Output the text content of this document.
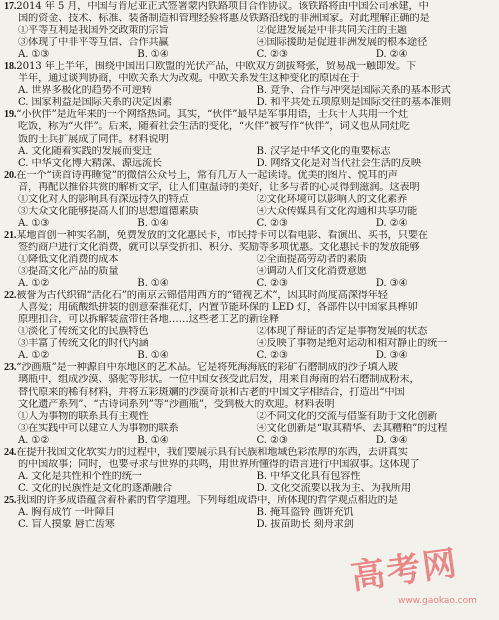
17.2014 年 5 月，中国与肯尼亚正式签署蒙内铁路项目合作协议。该铁路将由中国公司承建，中
国的资金、技术、标准、装备制造和管理经验将惠及铁路沿线的非洲国家。对此理解正确的是
①平等互利是我国外交政策的宗旨	②促进发展是中非共同关注的主题
③体现了中非平等互信、合作共赢	④国际援助是促进非洲发展的根本途径
A. ①③	B. ①④	C. ②③	D. ②④
18.2013 年上半年，围绕中国出口欧盟的光伏产品，中欧双方剑拔弩张，贸易战一触即发。下
半年，通过谈判协商，中欧关系大为改观。中欧关系发生这种变化的原因在于
A. 世界多极化的趋势不可逆转	B. 竞争、合作与冲突是国际关系的基本形式
C. 国家利益是国际关系的决定因素	D. 和平共处五项原则是国际交往的基本准则
19.“小伙伴”是近年来的一个网络热词。其实，“伙伴”最早是军事用语，士兵十人共用一个灶
吃饭，称为“火伴”。后来，随着社会生活的变化，“火伴”被写作“伙伴”，词义也从同灶吃
饭的士兵扩展成了同伴。材料说明
A. 文化随着实践的发展而变迁	B. 汉字是中华文化的重要标志
C. 中华文化博大精深、源远流长	D. 网络文化是对当代社会生活的反映
20.在一个“读首诗再睡觉”的微信公众号上，常有几万人一起读诗。优美的图片、悦耳的声
音，再配以推俗共赏的解析文字，让人们重温诗的美好，让多与者的心灵得到滋润。这表明
①文化对人的影响具有深远持久的特点	②文化环境可以影响人的文化素养
③大众文化能够提高人们的思想道德素质	④大众传媒具有文化沟通和共享功能
A. ①③	B. ①④	C. ②③	D. ②④
21.某地首创一种实名制，免费发放的文化惠民卡，市民持卡可以看电影、看演出、买书，只要在
签约商户进行文化消费，就可以享受折扣、积分、奖励等多项优惠。文化惠民卡的发放能够
①降低文化消费的成本	②全面提高劳动者的素质
③提高文化产品的质量	④调动人们文化消费意愿
A. ①②	B. ①④	C. ②③	D. ③④
22.被誉为古代织锦“活化石”的南京云锦借用西方的“错视艺术”，因其时尚度高深得年轻
人喜爱；用硫酸纸拼装的创意秦淮花灯，内置节能环保的 LED 灯，各部件以中国家具榫卯
原理扣合，可以拆解装盒带往各地……这些老工艺的新诠释
①淡化了传统文化的民族特色	②体现了辩证的否定是事物发展的状态
③丰富了传统文化的时代内涵	④反映了事物是绝对运动和相对静止的统一
A. ①②	B. ①④	C. ②③	D. ③④
23.“沙画瓶”是一种源自中东地区的艺术品。它是将死海海底的彩矿石磨制成的沙子填入玻
璃瓶中，组成沙漠、骆驼等形状。一位中国女孩受此启发，用来自海南的岩石磨制成粉末，
替代原来的稀有材料，并将五彩斑斓的沙漠奇景和古老的中国文字相结合，打造出“中国
文化遗产系列”、“古诗词系列”等“沙画瓶”，受到极大的欢迎。材料表明
①人为事物的联系具有主观性	②不同文化的交流与借鉴有助于文化创新
③在实践中可以建立人为事物的联系	④文化创新是“取其精华、去其糟粕”的过程
A. ①②	B. ①④	C. ②③	D. ③④
24.在提升我国文化软实力的过程中，我们要展示具有民族和地域色彩浓厚的东西，去讲真实
的中国故事；同时，也要寻求与世界的共鸣，用世界所懂得的语言进行中国叙事。这体现了
A. 文化是共性和个性的统一	B. 中华文化具有包容性
C. 文化的民族性是文化的逐渐融合	D. 文化交流要以我为主、为我所用
25.我国的许多成语蕴含着朴素的哲学道理。下列每组成语中，所体现的哲学观点相近的是
A. 胸有成竹 一叶障目	B. 掩耳盗铃 画饼充饥
C. 盲人摸象 唇亡齿寒	D. 拔苗助长 刻舟求剑
高考网
www.gaokao.com
